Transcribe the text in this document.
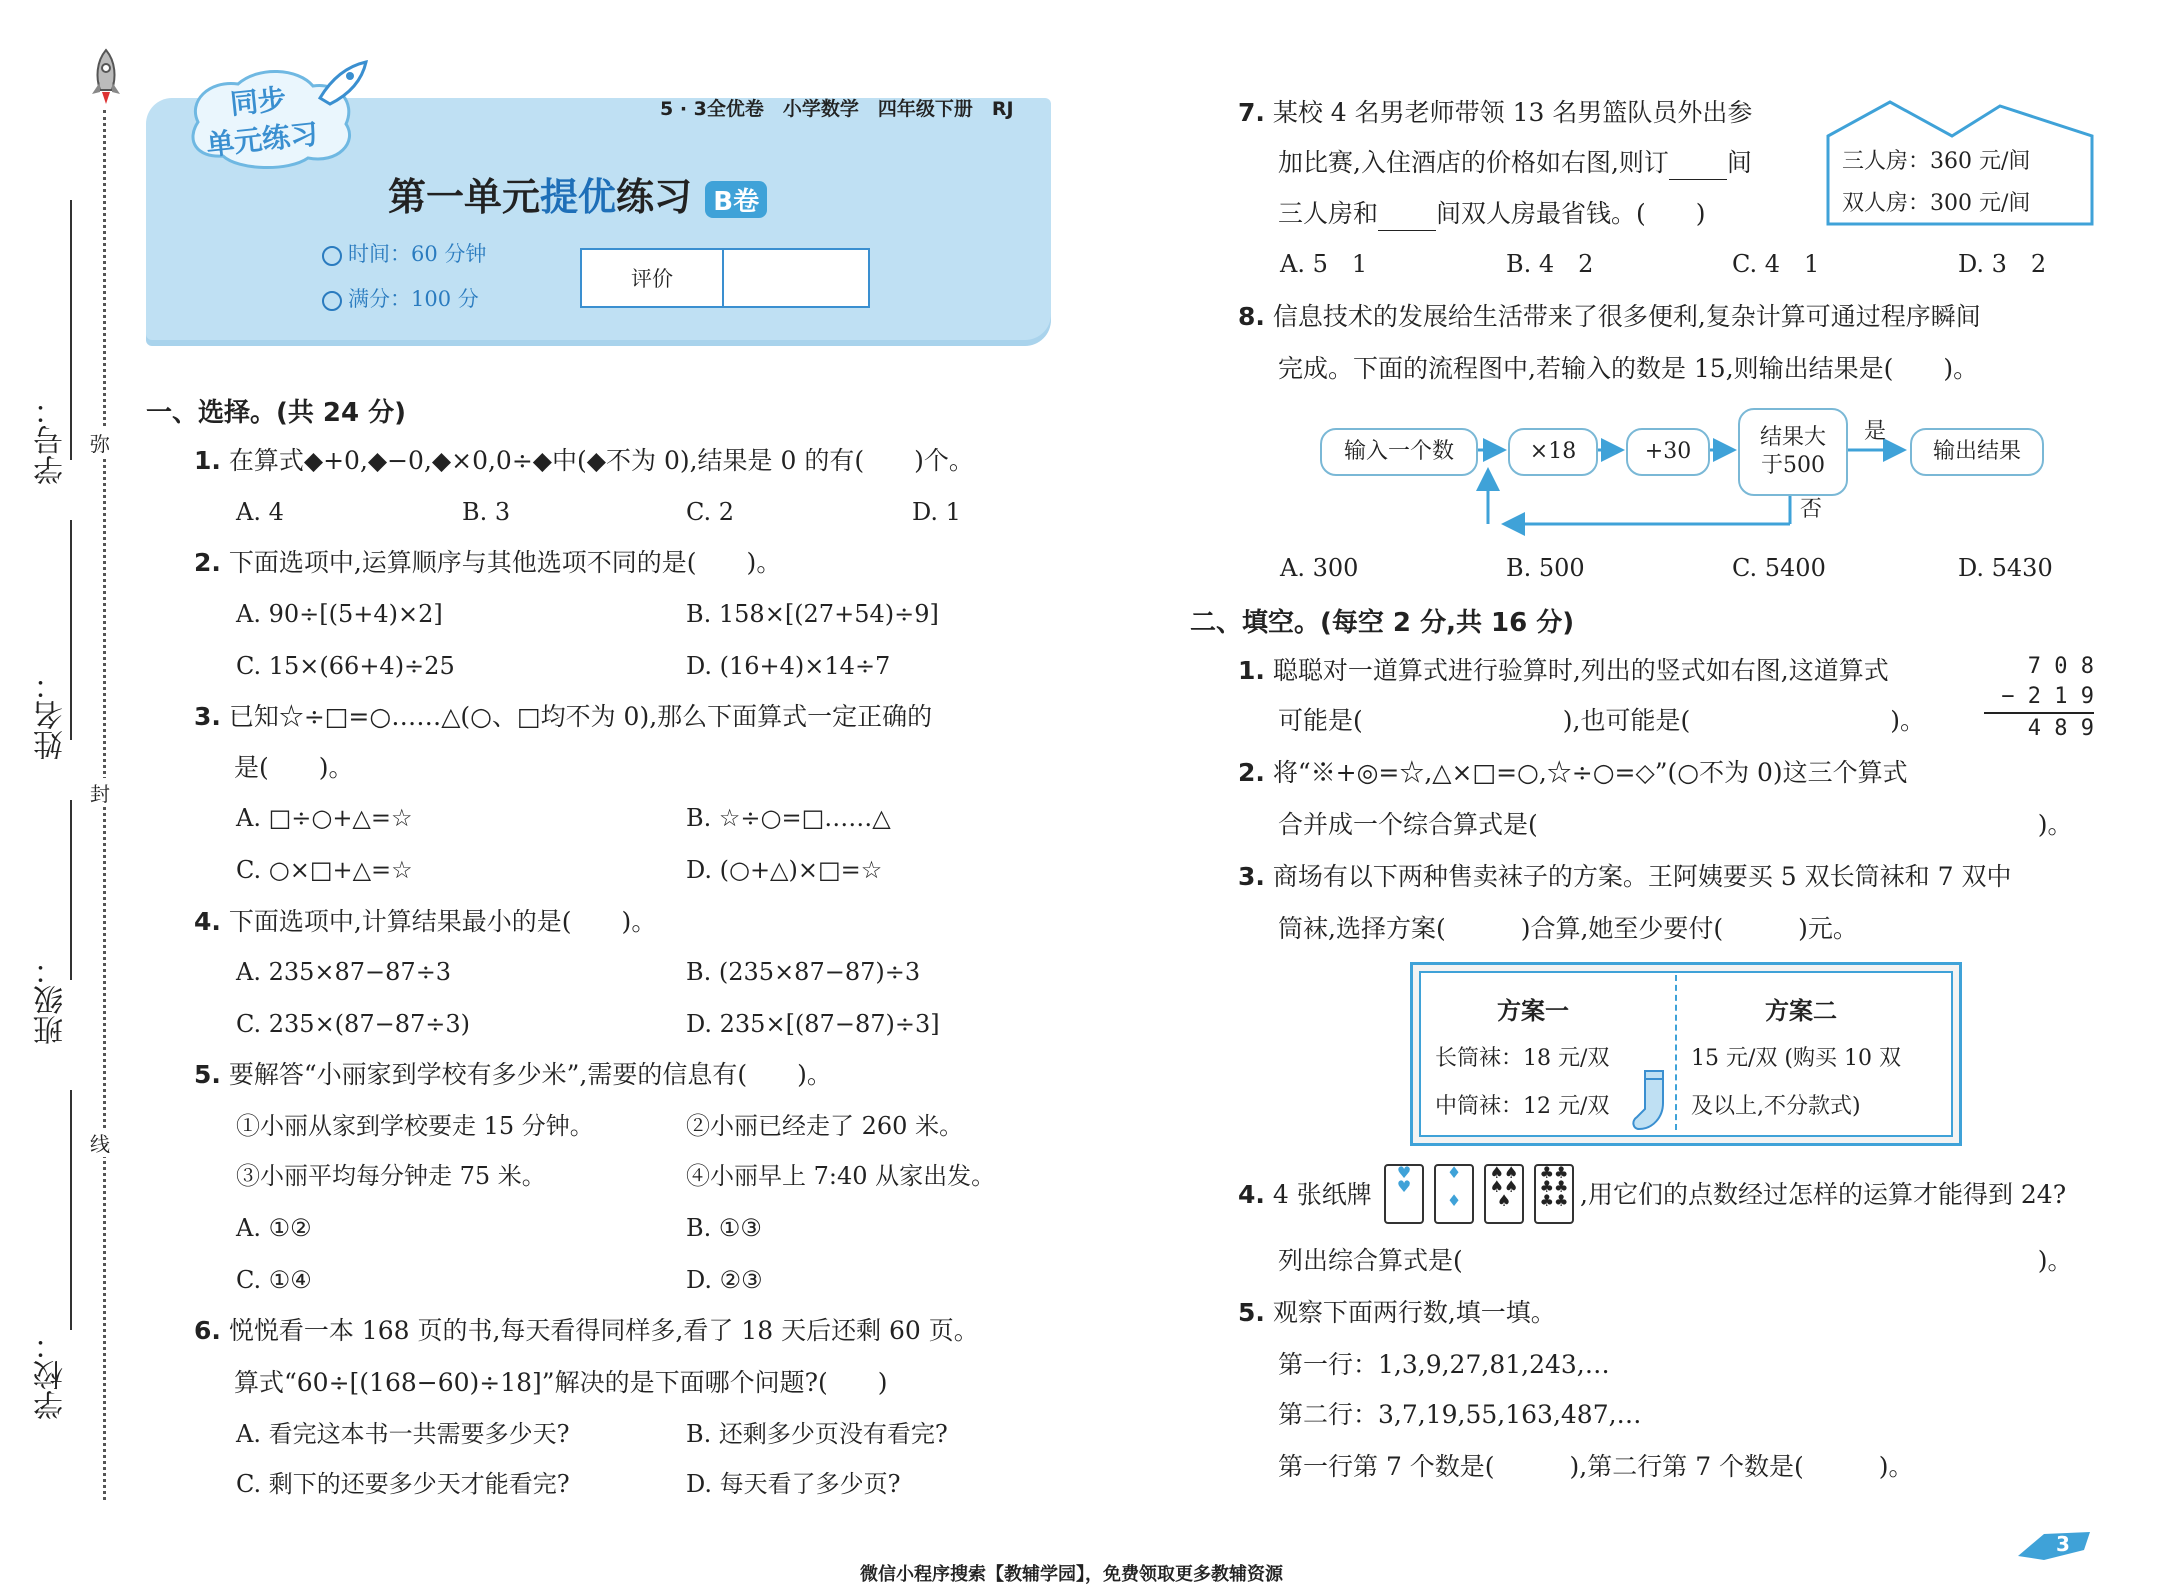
弥
封
线
学号：
姓名：
班级：
学校：
同步
单元练习
5 · 3全优卷　小学数学　四年级下册　RJ
第一单元提优练习 B卷
时间：60 分钟
满分：100 分
评价
一、选择。(共 24 分)
1. 在算式◆+0,◆−0,◆×0,0÷◆中(◆不为 0),结果是 0 的有(　　)个。
A. 4	B. 3	C. 2	D. 1
2. 下面选项中,运算顺序与其他选项不同的是(　　)。
A. 90÷[(5+4)×2]	B. 158×[(27+54)÷9]
C. 15×(66+4)÷25	D. (16+4)×14÷7
3. 已知☆÷□=○……△(○、□均不为 0),那么下面算式一定正确的
是(　　)。
A. □÷○+△=☆	B. ☆÷○=□……△
C. ○×□+△=☆	D. (○+△)×□=☆
4. 下面选项中,计算结果最小的是(　　)。
A. 235×87−87÷3	B. (235×87−87)÷3
C. 235×(87−87÷3)	D. 235×[(87−87)÷3]
5. 要解答“小丽家到学校有多少米”,需要的信息有(　　)。
①小丽从家到学校要走 15 分钟。	②小丽已经走了 260 米。
③小丽平均每分钟走 75 米。	④小丽早上 7:40 从家出发。
A. ①②	B. ①③
C. ①④	D. ②③
6. 悦悦看一本 168 页的书,每天看得同样多,看了 18 天后还剩 60 页。
算式“60÷[(168−60)÷18]”解决的是下面哪个问题?(　　)
A. 看完这本书一共需要多少天?	B. 还剩多少页没有看完?
C. 剩下的还要多少天才能看完?	D. 每天看了多少页?
7. 某校 4 名男老师带领 13 名男篮队员外出参
加比赛,入住酒店的价格如右图,则订 间
三人房和 间双人房最省钱。(　　)
三人房：360 元/间
双人房：300 元/间
A. 5　1	B. 4　2	C. 4　1	D. 3　2
8. 信息技术的发展给生活带来了很多便利,复杂计算可通过程序瞬间
完成。下面的流程图中,若输入的数是 15,则输出结果是(　　)。
输入一个数	×18	+30
结果大
于500
是
否
输出结果
A. 300	B. 500	C. 5400	D. 5430
二、填空。(每空 2 分,共 16 分)
1. 聪聪对一道算式进行验算时,列出的竖式如右图,这道算式
可能是(　　　　　　　　),也可能是(　　　　　　　　)。
7 0 8
− 2 1 9
4 8 9
2. 将“※+◎=☆,△×□=○,☆÷○=◇”(○不为 0)这三个算式
合并成一个综合算式是(　　　　　　　　　　　　　　　　　　　　)。
3. 商场有以下两种售卖袜子的方案。王阿姨要买 5 双长筒袜和 7 双中
筒袜,选择方案(　　　)合算,她至少要付(　　　)元。
方案一
长筒袜：18 元/双
中筒袜：12 元/双
方案二
15 元/双 (购买 10 双
及以上,不分款式)
4. 4 张纸牌
♥
♥
♦

♦
♠♠
♠♠
♠
♣♣
♣♣
♣♣ ,用它们的点数经过怎样的运算才能得到 24?
列出综合算式是(　　　　　　　　　　　　　　　　　　　　　　　)。
5. 观察下面两行数,填一填。
第一行：1,3,9,27,81,243,…
第二行：3,7,19,55,163,487,…
第一行第 7 个数是(　　　),第二行第 7 个数是(　　　)。
3
微信小程序搜索【教辅学园】，免费领取更多教辅资源
